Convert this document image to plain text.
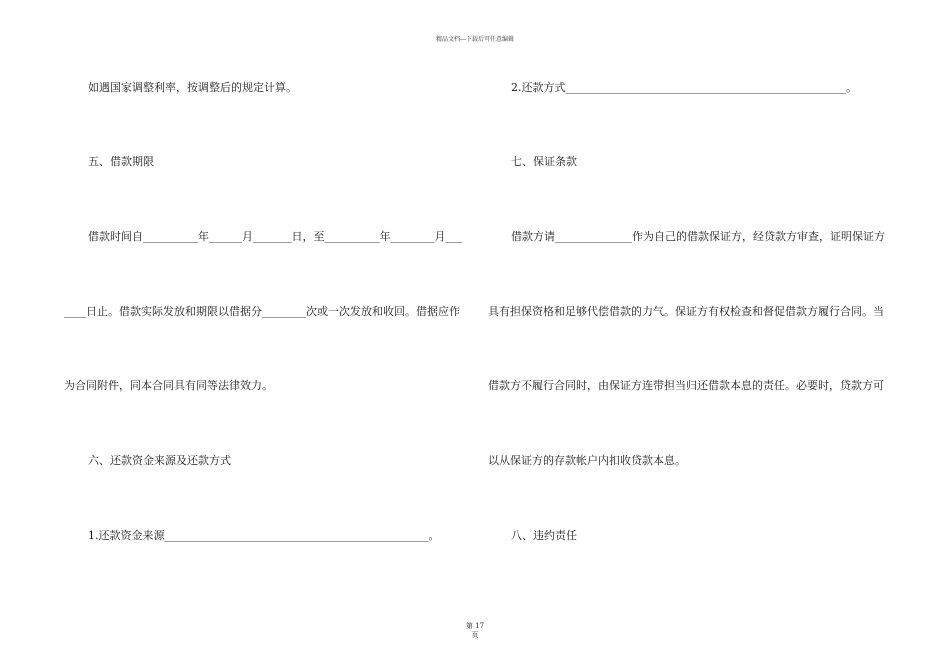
精品文档---下载后可任意编辑
如遇国家调整利率，按调整后的规定计算。
五、借款期限
借款时间自__________年______月_______日，至__________年________月___
____日止。借款实际发放和期限以借据分________次或一次发放和收回。借据应作
为合同附件，同本合同具有同等法律效力。
六、还款资金来源及还款方式
1.还款资金来源________________________________________________。
2.还款方式___________________________________________________。
七、保证条款
借款方请______________作为自己的借款保证方，经贷款方审查，证明保证方
具有担保资格和足够代偿借款的力气。保证方有权检查和督促借款方履行合同。当
借款方不履行合同时，由保证方连带担当归还借款本息的责任。必要时，贷款方可
以从保证方的存款帐户内扣收贷款本息。
八、违约责任
第 17
页
